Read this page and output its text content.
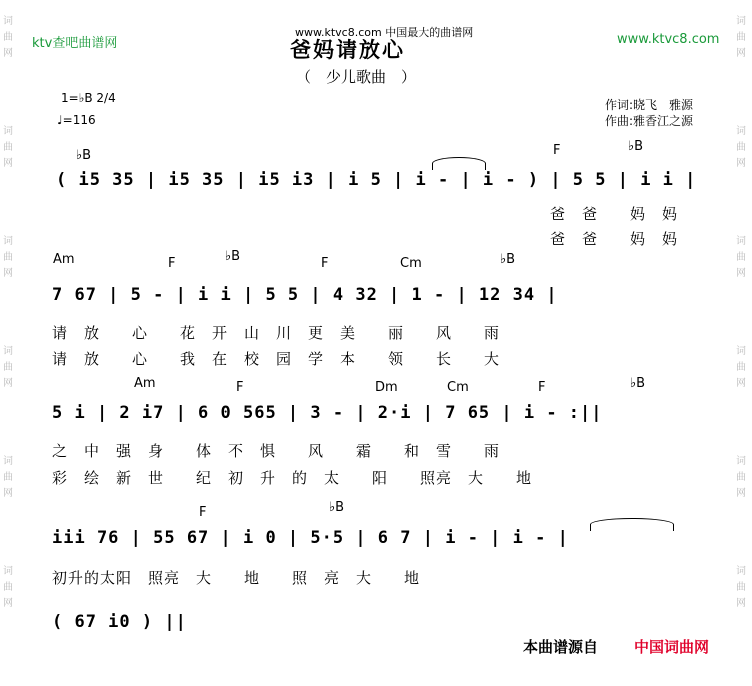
词
曲
网
词
曲
网
词
曲
网
词
曲
网
词
曲
网
词
曲
网
词
曲
网
词
曲
网
词
曲
网
词
曲
网
词
曲
网
词
曲
网
ktv查吧曲谱网
www.ktvc8.com 中国最大的曲谱网	www.ktvc8.com
爸妈请放心
（　少儿歌曲　）
1=♭B 2/4
♩=116
作词:晓飞　雅源
作曲:雅香江之源
♭B	F	♭B
( i5 35 | i5 35 | i5 i3 | i 5 | i - | i - ) | 5 5 | i i |
爸　爸　　妈　妈
爸　爸　　妈　妈
Am	F	♭B	F	Cm	♭B
7 67 | 5 - | i i | 5 5 | 4 32 | 1 - | 12 34 |
请　放　　心　　花　开　山　川　更　美　　丽　　风　　雨
请　放　　心　　我　在　校　园　学　本　　领　　长　　大
Am	F	Dm	Cm	F	♭B
5 i | 2 i7 | 6 0 565 | 3 - | 2·i | 7 65 | i - :||
之　中　强　身　　体　不　惧　　风　　霜　　和　雪　　雨
彩　绘　新　世　　纪　初　升　的　太　　阳　　照亮　大　　地
F	♭B
iii 76 | 55 67 | i 0 | 5·5 | 6 7 | i - | i - |
初升的太阳　照亮　大　　地　　照　亮　大　　地
( 67 i0 ) ||
本曲谱源自 中国词曲网
